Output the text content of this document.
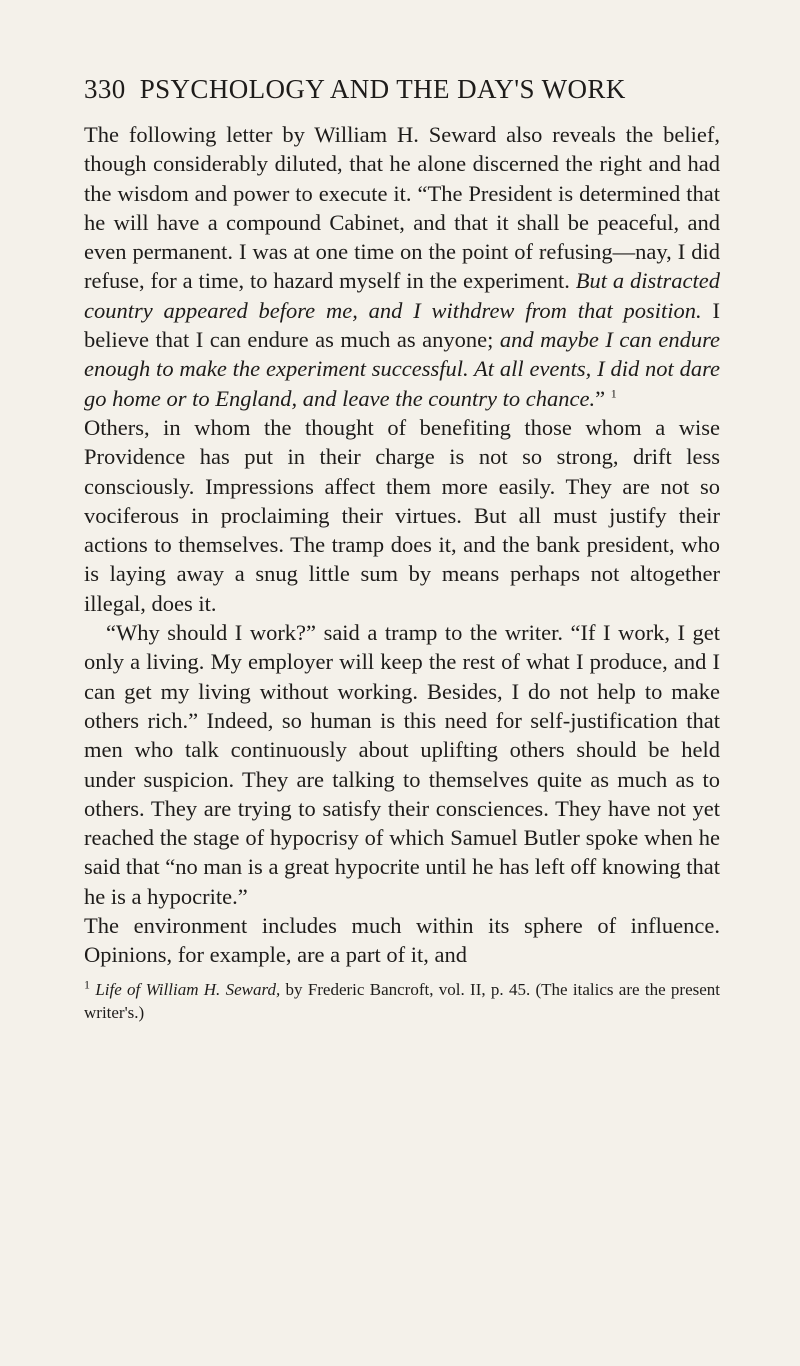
330 PSYCHOLOGY AND THE DAY'S WORK

The following letter by William H. Seward also reveals the belief, though considerably diluted, that he alone discerned the right and had the wisdom and power to execute it. “The President is determined that he will have a compound Cabinet, and that it shall be peaceful, and even permanent. I was at one time on the point of refusing—nay, I did refuse, for a time, to hazard myself in the experiment. But a distracted country appeared before me, and I withdrew from that position. I believe that I can endure as much as anyone; and maybe I can endure enough to make the experiment successful. At all events, I did not dare go home or to England, and leave the country to chance.” $^1$

Others, in whom the thought of benefiting those whom a wise Providence has put in their charge is not so strong, drift less consciously. Impressions affect them more easily. They are not so vociferous in proclaiming their virtues. But all must justify their actions to themselves. The tramp does it, and the bank president, who is laying away a snug little sum by means perhaps not altogether illegal, does it.

“Why should I work?” said a tramp to the writer. “If I work, I get only a living. My employer will keep the rest of what I produce, and I can get my living without working. Besides, I do not help to make others rich.” Indeed, so human is this need for self-justification that men who talk continuously about uplifting others should be held under suspicion. They are talking to themselves quite as much as to others. They are trying to satisfy their consciences. They have not yet reached the stage of hypocrisy of which Samuel Butler spoke when he said that “no man is a great hypocrite until he has left off knowing that he is a hypocrite.”

The environment includes much within its sphere of influence. Opinions, for example, are a part of it, and

$^1$ Life of William H. Seward, by Frederic Bancroft, vol. II, p. 45. (The italics are the present writer's.)
